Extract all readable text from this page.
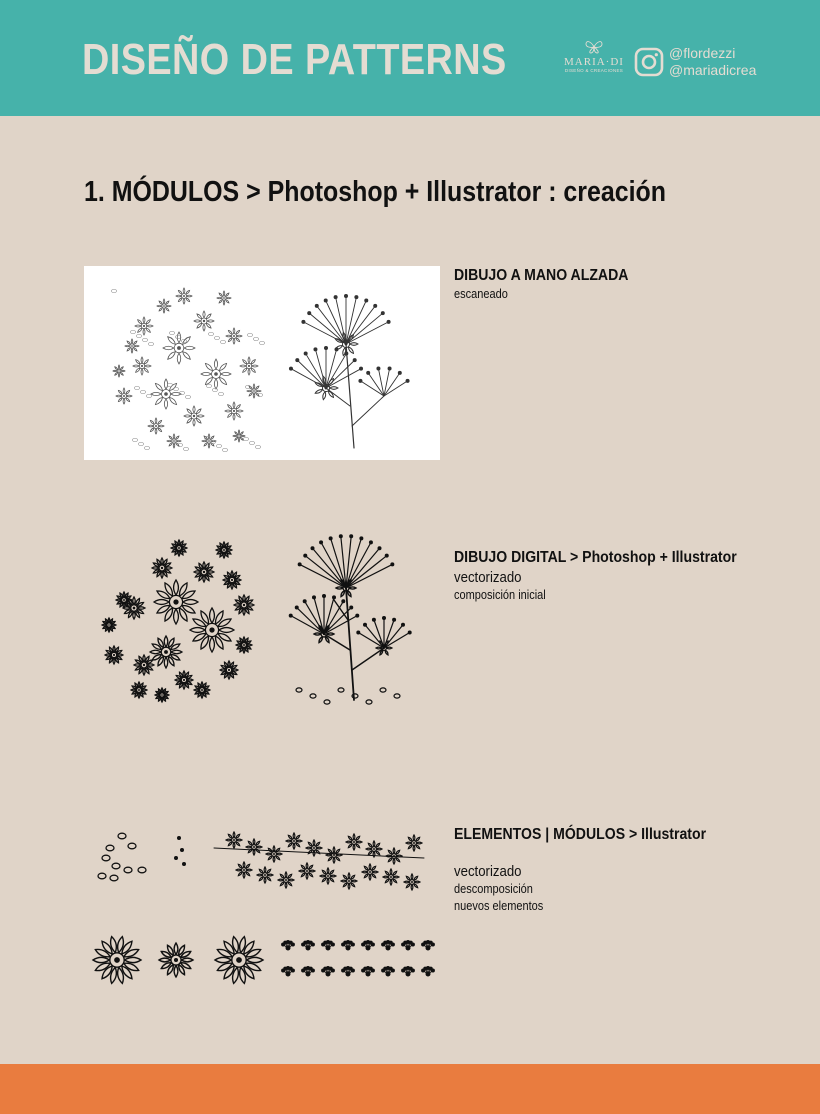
DISEÑO DE PATTERNS	MARIA·DI
DISEÑO & CREACIONES
@flordezzi
@mariadicrea
1. MÓDULOS > Photoshop + Illustrator : creación
DIBUJO A MANO ALZADA
escaneado
DIBUJO DIGITAL > Photoshop + Illustrator
vectorizado
composición inicial
ELEMENTOS | MÓDULOS > Illustrator
vectorizado
descomposición
nuevos elementos
